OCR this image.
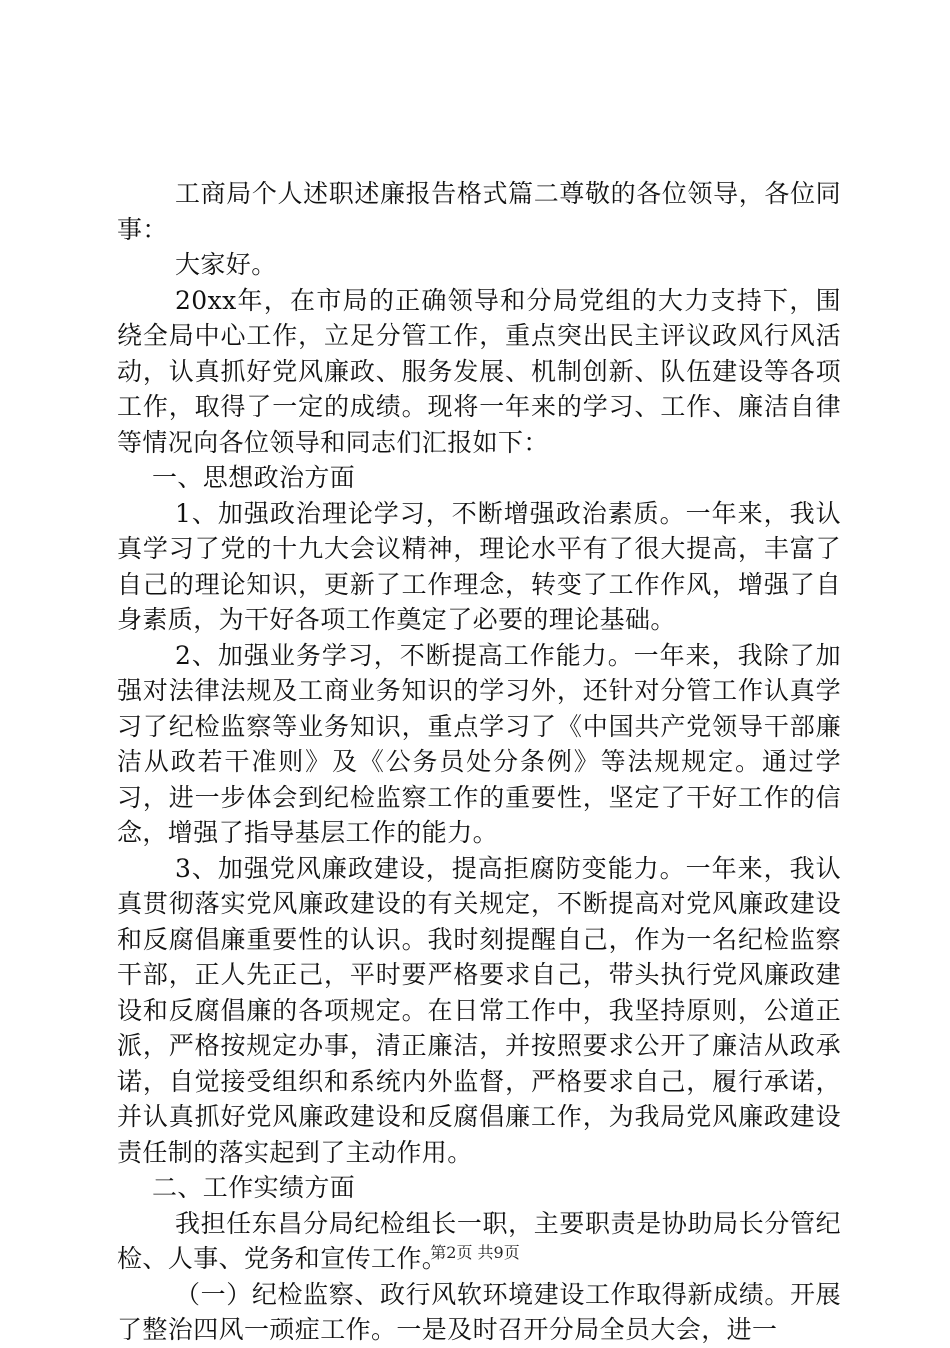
工商局个人述职述廉报告格式篇二尊敬的各位领导，各位同事：

大家好。

20xx年，在市局的正确领导和分局党组的大力支持下，围绕全局中心工作，立足分管工作，重点突出民主评议政风行风活动，认真抓好党风廉政、服务发展、机制创新、队伍建设等各项工作，取得了一定的成绩。现将一年来的学习、工作、廉洁自律等情况向各位领导和同志们汇报如下：

一、思想政治方面

1、加强政治理论学习，不断增强政治素质。一年来，我认真学习了党的十九大会议精神，理论水平有了很大提高，丰富了自己的理论知识，更新了工作理念，转变了工作作风，增强了自身素质，为干好各项工作奠定了必要的理论基础。

2、加强业务学习，不断提高工作能力。一年来，我除了加强对法律法规及工商业务知识的学习外，还针对分管工作认真学习了纪检监察等业务知识，重点学习了《中国共产党领导干部廉洁从政若干准则》及《公务员处分条例》等法规规定。通过学习，进一步体会到纪检监察工作的重要性，坚定了干好工作的信念，增强了指导基层工作的能力。

3、加强党风廉政建设，提高拒腐防变能力。一年来，我认真贯彻落实党风廉政建设的有关规定，不断提高对党风廉政建设和反腐倡廉重要性的认识。我时刻提醒自己，作为一名纪检监察干部，正人先正己，平时要严格要求自己，带头执行党风廉政建设和反腐倡廉的各项规定。在日常工作中，我坚持原则，公道正派，严格按规定办事，清正廉洁，并按照要求公开了廉洁从政承诺，自觉接受组织和系统内外监督，严格要求自己，履行承诺，并认真抓好党风廉政建设和反腐倡廉工作，为我局党风廉政建设责任制的落实起到了主动作用。

二、工作实绩方面

我担任东昌分局纪检组长一职，主要职责是协助局长分管纪检、人事、党务和宣传工作。

（一）纪检监察、政行风软环境建设工作取得新成绩。开展了整治四风一顽症工作。一是及时召开分局全员大会，进一

第2页 共9页
